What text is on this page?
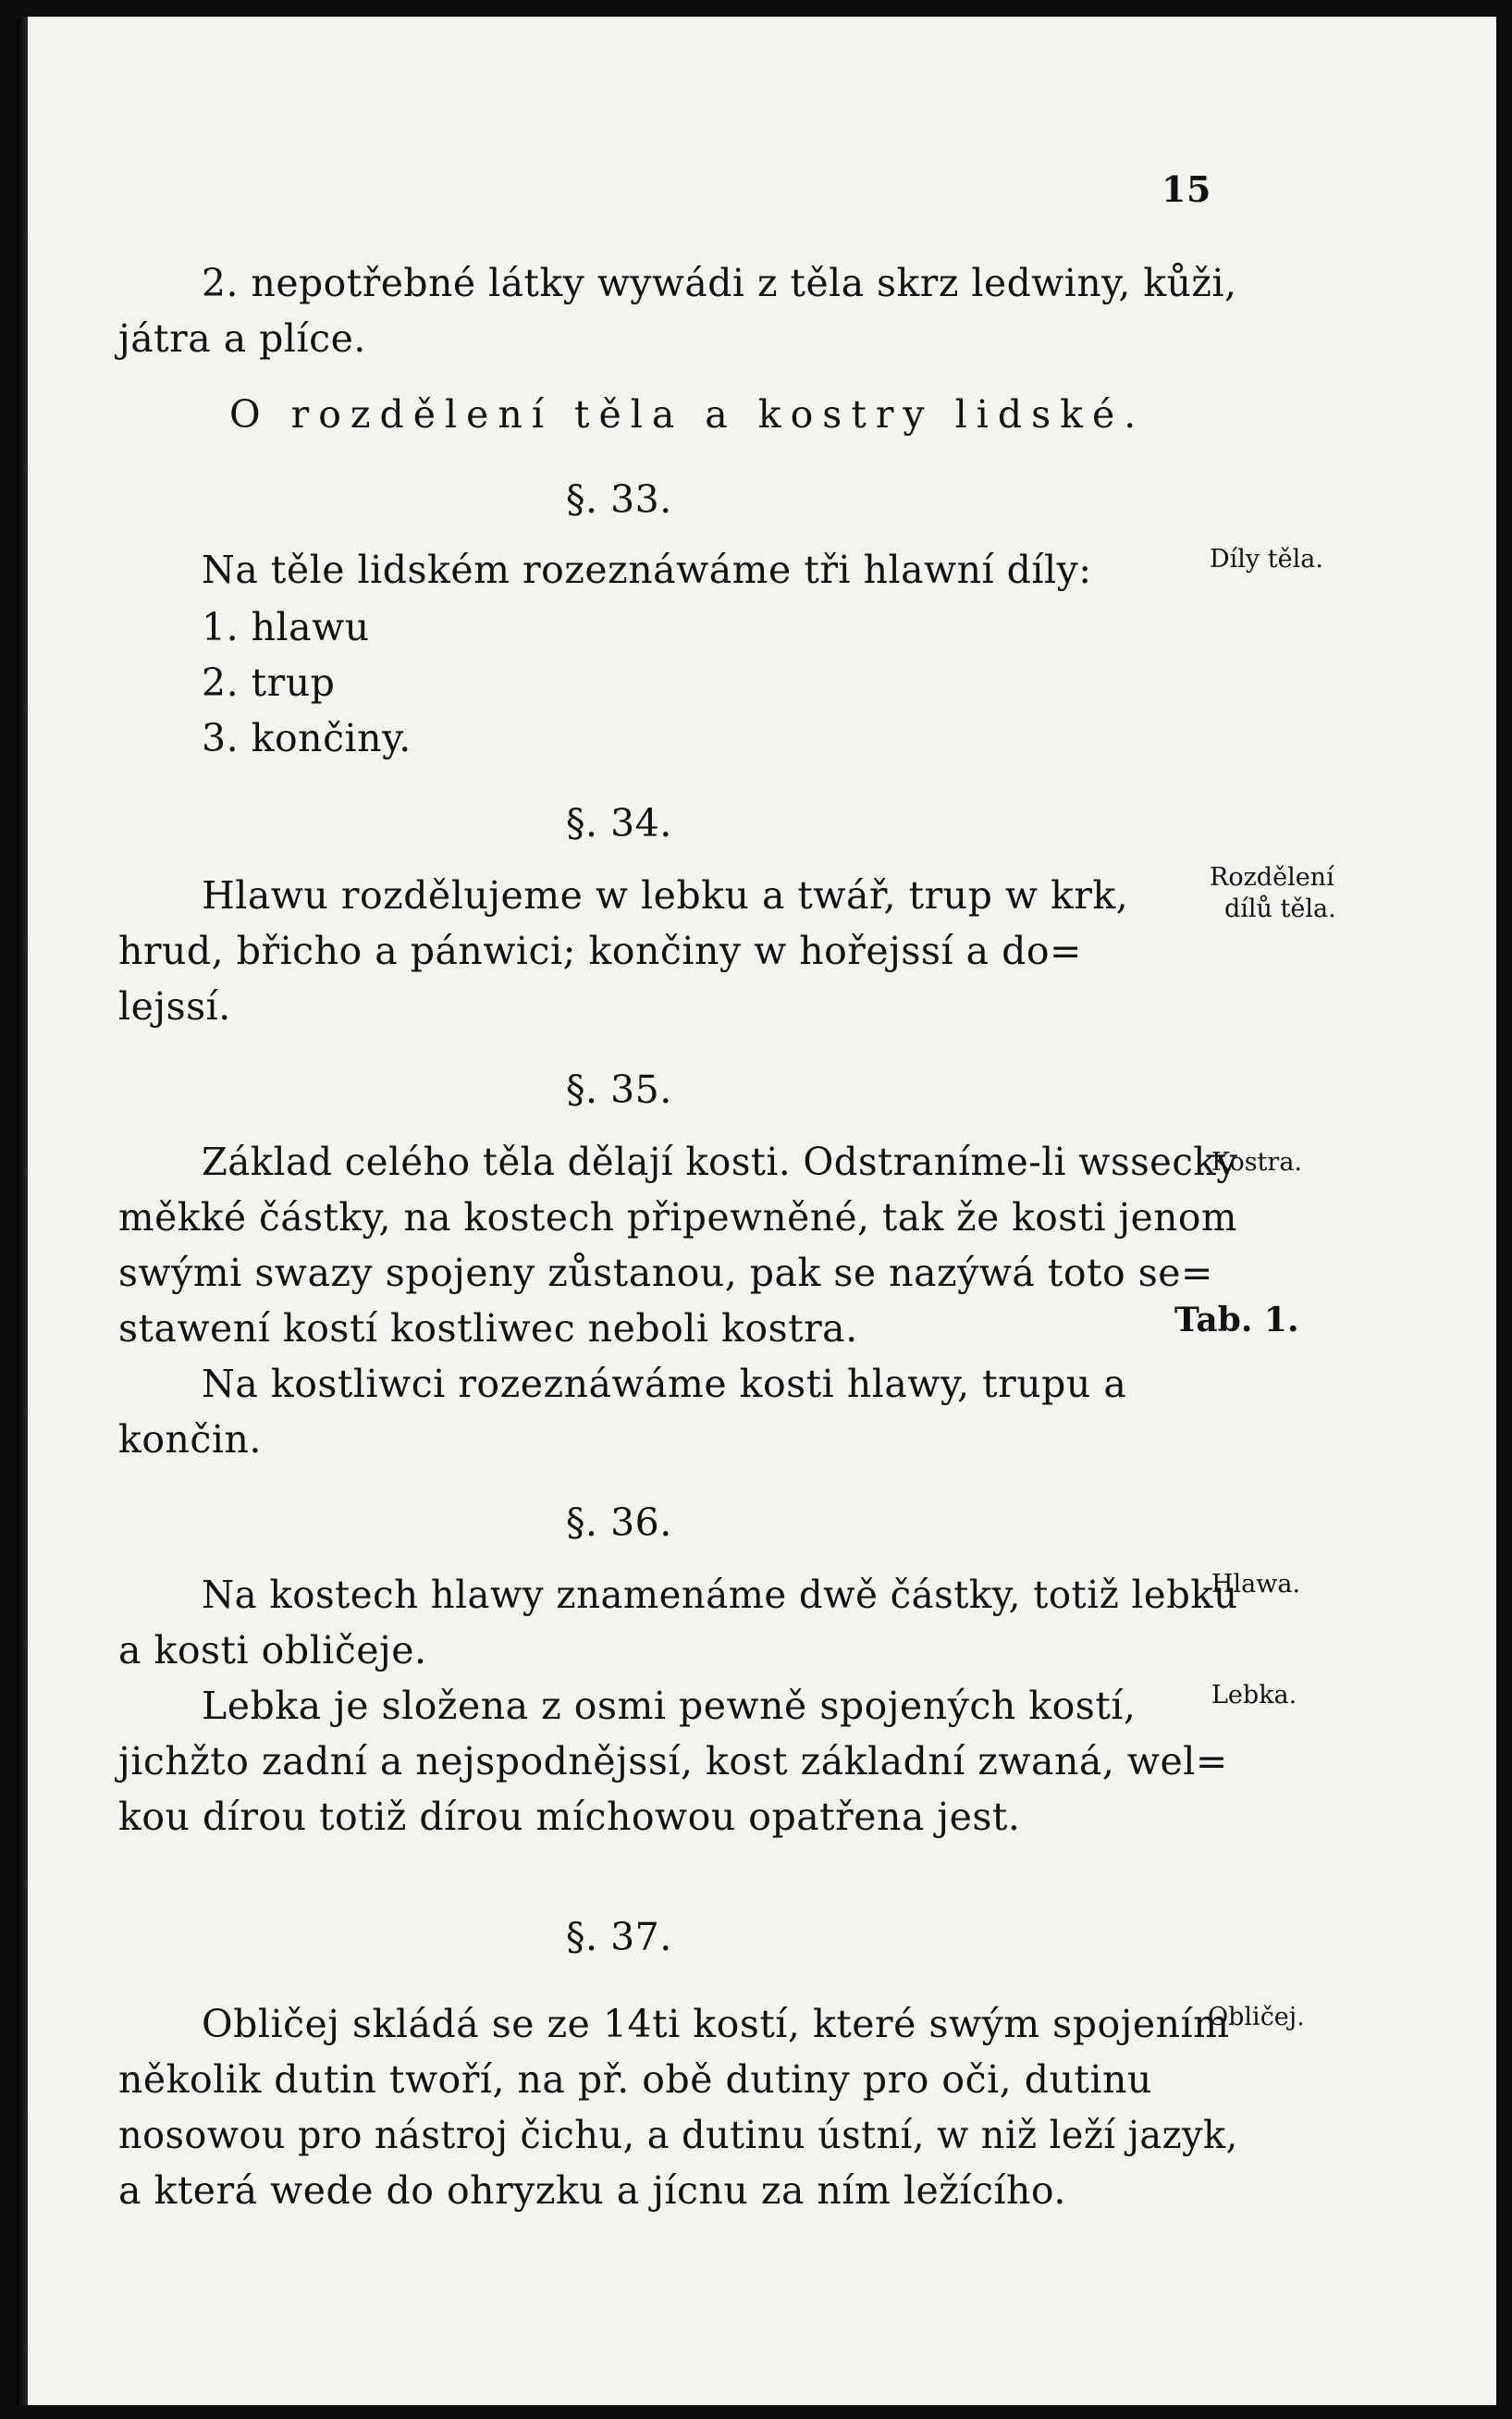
15
2. nepotřebné látky wywádi z těla skrz ledwiny, kůži,
játra a plíce.
O rozdělení těla a kostry lidské.
§. 33.
Na těle lidském rozeznáwáme tři hlawní díly:
1. hlawu
2. trup
3. končiny.
Díly těla.
§. 34.
Hlawu rozdělujeme w lebku a twář, trup w krk,
hrud, břicho a pánwici; končiny w hořejssí a do=
lejssí.
Rozdělení
dílů těla.
§. 35.
Základ celého těla dělají kosti. Odstraníme-li wssecky
měkké částky, na kostech připewněné, tak že kosti jenom
swými swazy spojeny zůstanou, pak se nazýwá toto se=
stawení kostí kostliwec neboli kostra.
Na kostliwci rozeznáwáme kosti hlawy, trupu a
končin.
Kostra.
Tab. 1.
§. 36.
Na kostech hlawy znamenáme dwě částky, totiž lebku
a kosti obličeje.
Lebka je složena z osmi pewně spojených kostí,
jichžto zadní a nejspodnějssí, kost základní zwaná, wel=
kou dírou totiž dírou míchowou opatřena jest.
Hlawa.
Lebka.
§. 37.
Obličej skládá se ze 14ti kostí, které swým spojením
několik dutin twoří, na př. obě dutiny pro oči, dutinu
nosowou pro nástroj čichu, a dutinu ústní, w niž leží jazyk,
a která wede do ohryzku a jícnu za ním ležícího.
Obličej.
